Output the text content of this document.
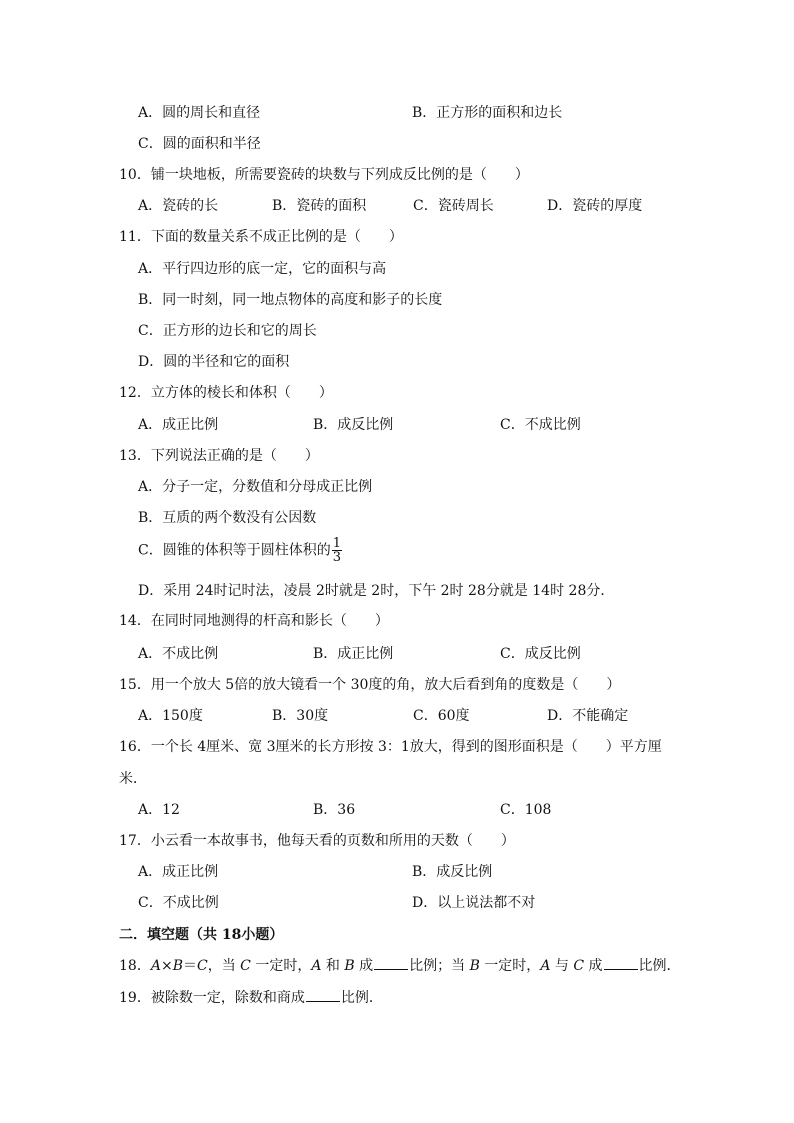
A．圆的周长和直径	B．正方形的面积和边长
C．圆的面积和半径
10．铺一块地板，所需要瓷砖的块数与下列成反比例的是（　　）
A．瓷砖的长	B．瓷砖的面积	C．瓷砖周长	D．瓷砖的厚度
11．下面的数量关系不成正比例的是（　　）
A．平行四边形的底一定，它的面积与高
B．同一时刻，同一地点物体的高度和影子的长度
C．正方形的边长和它的周长
D．圆的半径和它的面积
12．立方体的棱长和体积（　　）
A．成正比例	B．成反比例	C．不成比例
13．下列说法正确的是（　　）
A．分子一定，分数值和分母成正比例
B．互质的两个数没有公因数
C．圆锥的体积等于圆柱体积的 $\frac{1}{3}$
D．采用 24时记时法，凌晨 2时就是 2时，下午 2时 28分就是 14时 28分．
14．在同时同地测得的杆高和影长（　　）
A．不成比例	B．成正比例	C．成反比例
15．用一个放大 5倍的放大镜看一个 30度的角，放大后看到角的度数是（　　）
A．150度	B．30度	C．60度	D．不能确定
16．一个长 4厘米、宽 3厘米的长方形按 3：1放大，得到的图形面积是（　　）平方厘
米．
A．12	B．36	C．108
17．小云看一本故事书，他每天看的页数和所用的天数（　　）
A．成正比例	B．成反比例
C．不成比例	D．以上说法都不对
二．填空题（共 18小题）
18．A×B＝C，当 C 一定时，A 和 B 成	比例；当 B 一定时，A 与 C 成	比例．
19．被除数一定，除数和商成	比例．
